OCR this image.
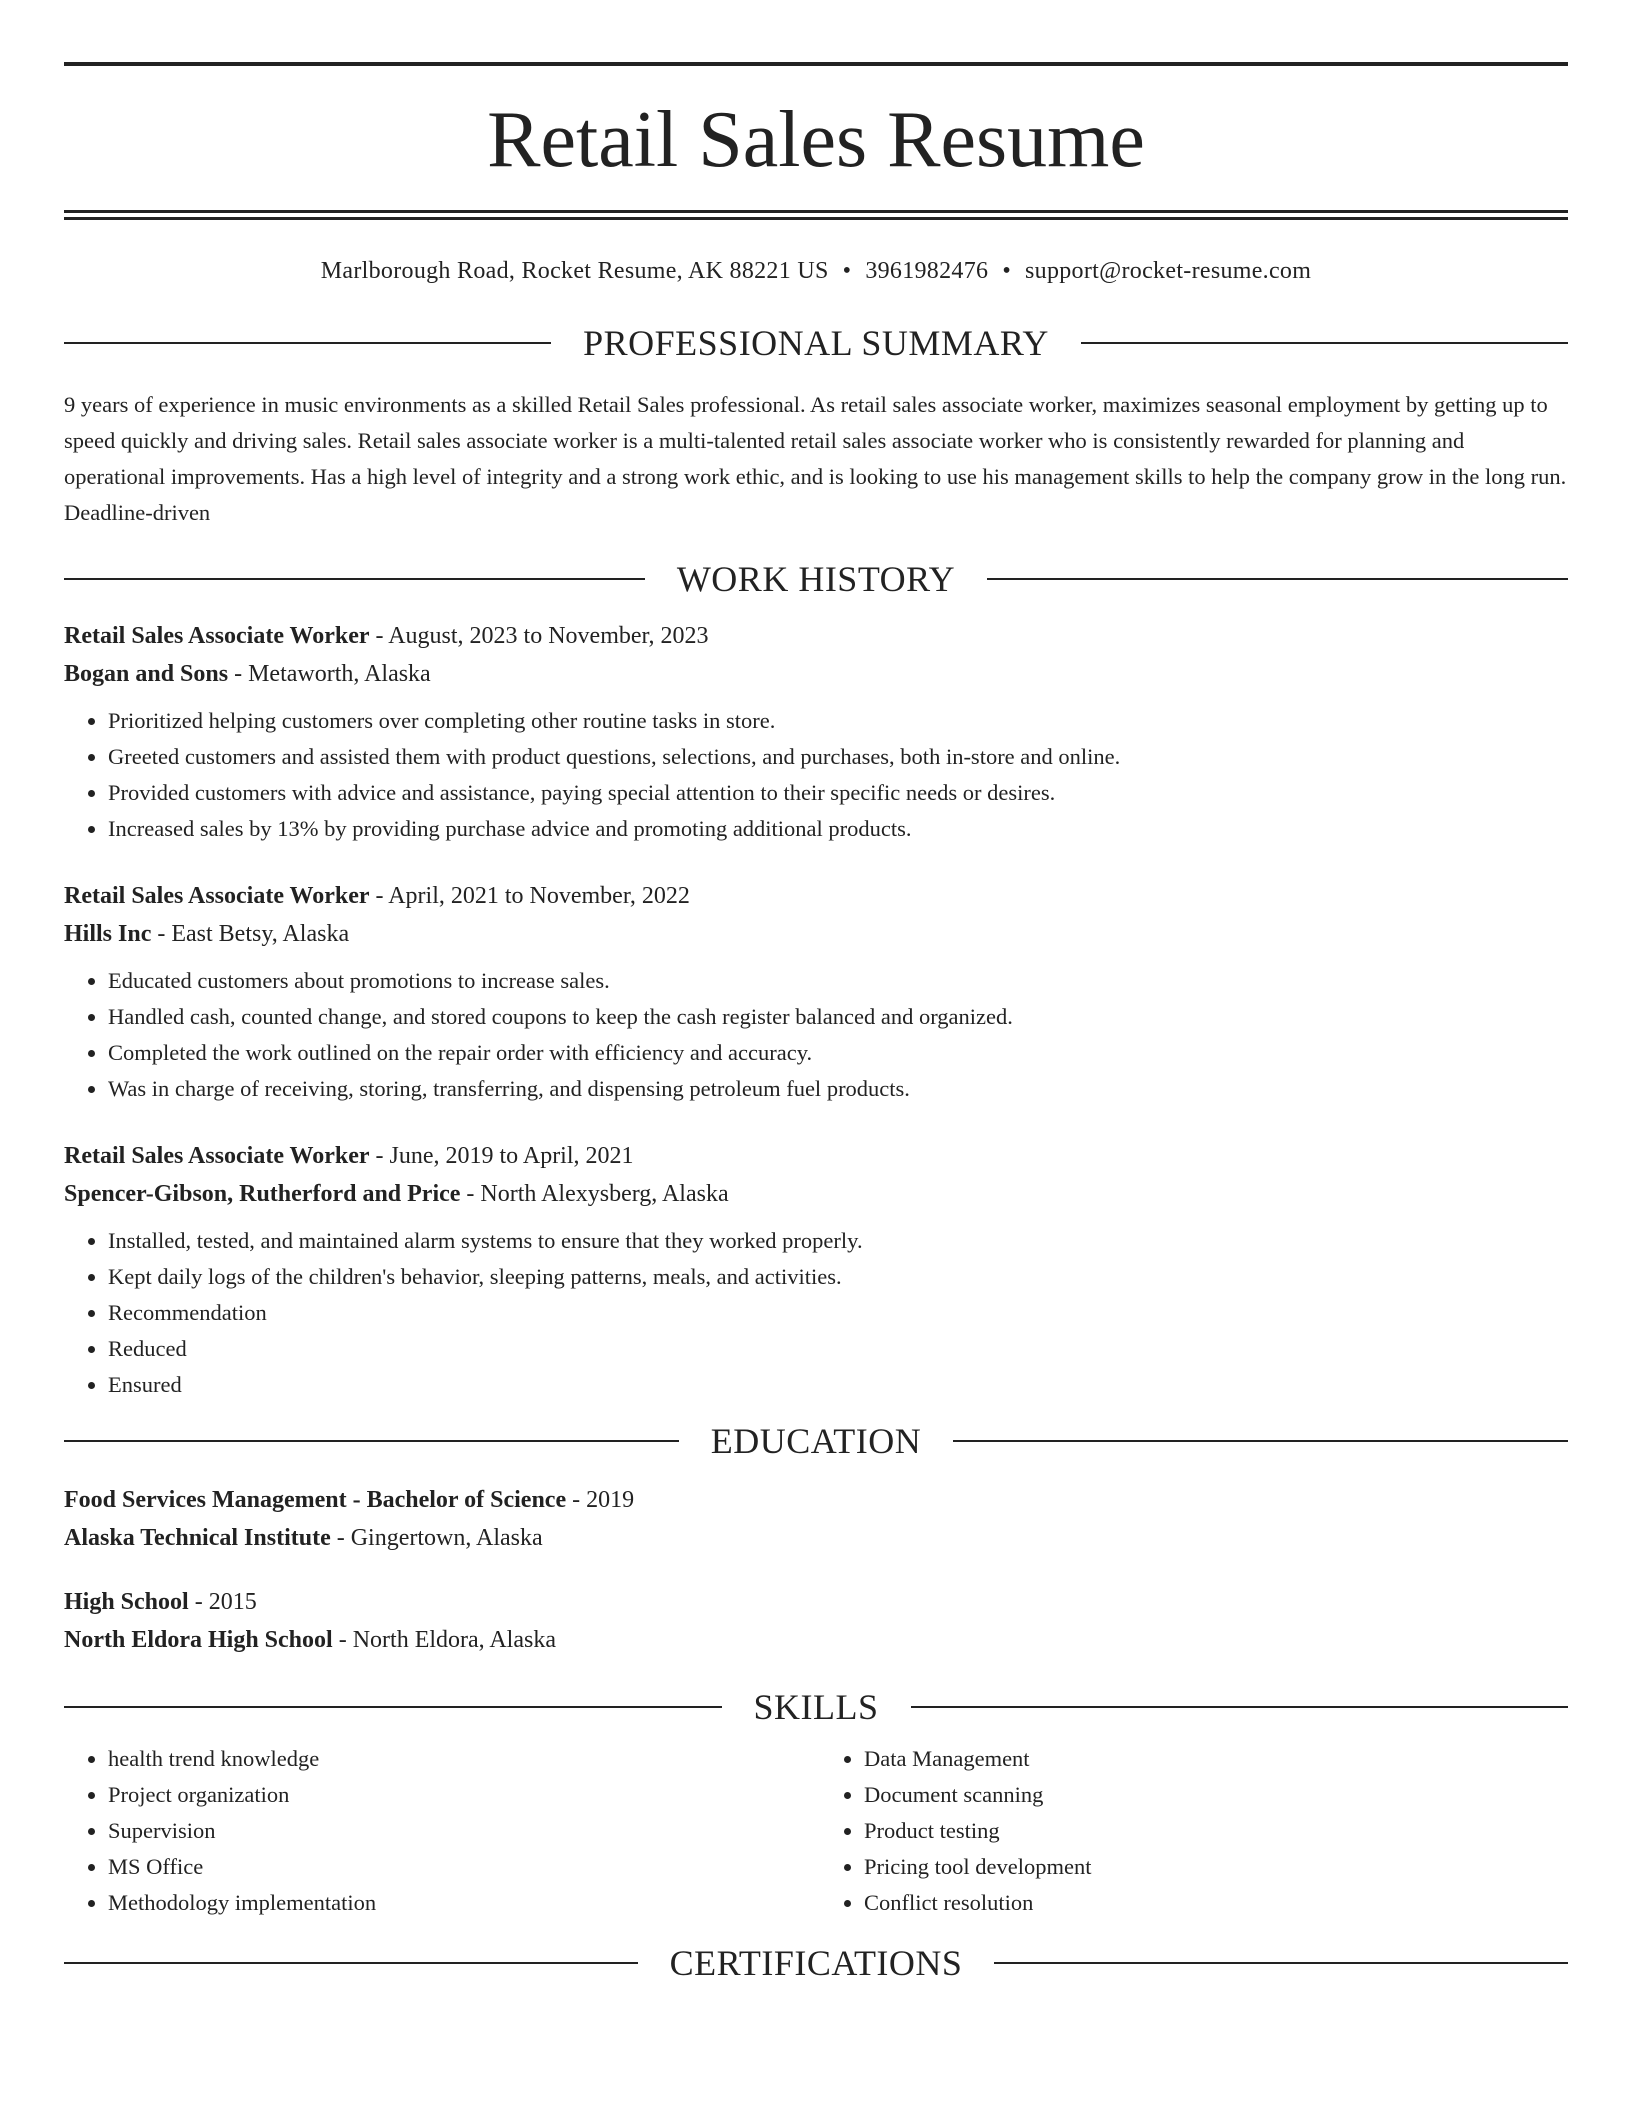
Retail Sales Resume
Marlborough Road, Rocket Resume, AK 88221 US • 3961982476 • support@rocket-resume.com
PROFESSIONAL SUMMARY
9 years of experience in music environments as a skilled Retail Sales professional. As retail sales associate worker, maximizes seasonal employment by getting up to speed quickly and driving sales. Retail sales associate worker is a multi-talented retail sales associate worker who is consistently rewarded for planning and operational improvements. Has a high level of integrity and a strong work ethic, and is looking to use his management skills to help the company grow in the long run. Deadline-driven
WORK HISTORY
Retail Sales Associate Worker - August, 2023 to November, 2023
Bogan and Sons - Metaworth, Alaska
• Prioritized helping customers over completing other routine tasks in store.
• Greeted customers and assisted them with product questions, selections, and purchases, both in-store and online.
• Provided customers with advice and assistance, paying special attention to their specific needs or desires.
• Increased sales by 13% by providing purchase advice and promoting additional products.
Retail Sales Associate Worker - April, 2021 to November, 2022
Hills Inc - East Betsy, Alaska
• Educated customers about promotions to increase sales.
• Handled cash, counted change, and stored coupons to keep the cash register balanced and organized.
• Completed the work outlined on the repair order with efficiency and accuracy.
• Was in charge of receiving, storing, transferring, and dispensing petroleum fuel products.
Retail Sales Associate Worker - June, 2019 to April, 2021
Spencer-Gibson, Rutherford and Price - North Alexysberg, Alaska
• Installed, tested, and maintained alarm systems to ensure that they worked properly.
• Kept daily logs of the children's behavior, sleeping patterns, meals, and activities.
• Recommendation
• Reduced
• Ensured
EDUCATION
Food Services Management - Bachelor of Science - 2019
Alaska Technical Institute - Gingertown, Alaska
High School - 2015
North Eldora High School - North Eldora, Alaska
SKILLS
• health trend knowledge
• Project organization
• Supervision
• MS Office
• Methodology implementation
• Data Management
• Document scanning
• Product testing
• Pricing tool development
• Conflict resolution
CERTIFICATIONS
